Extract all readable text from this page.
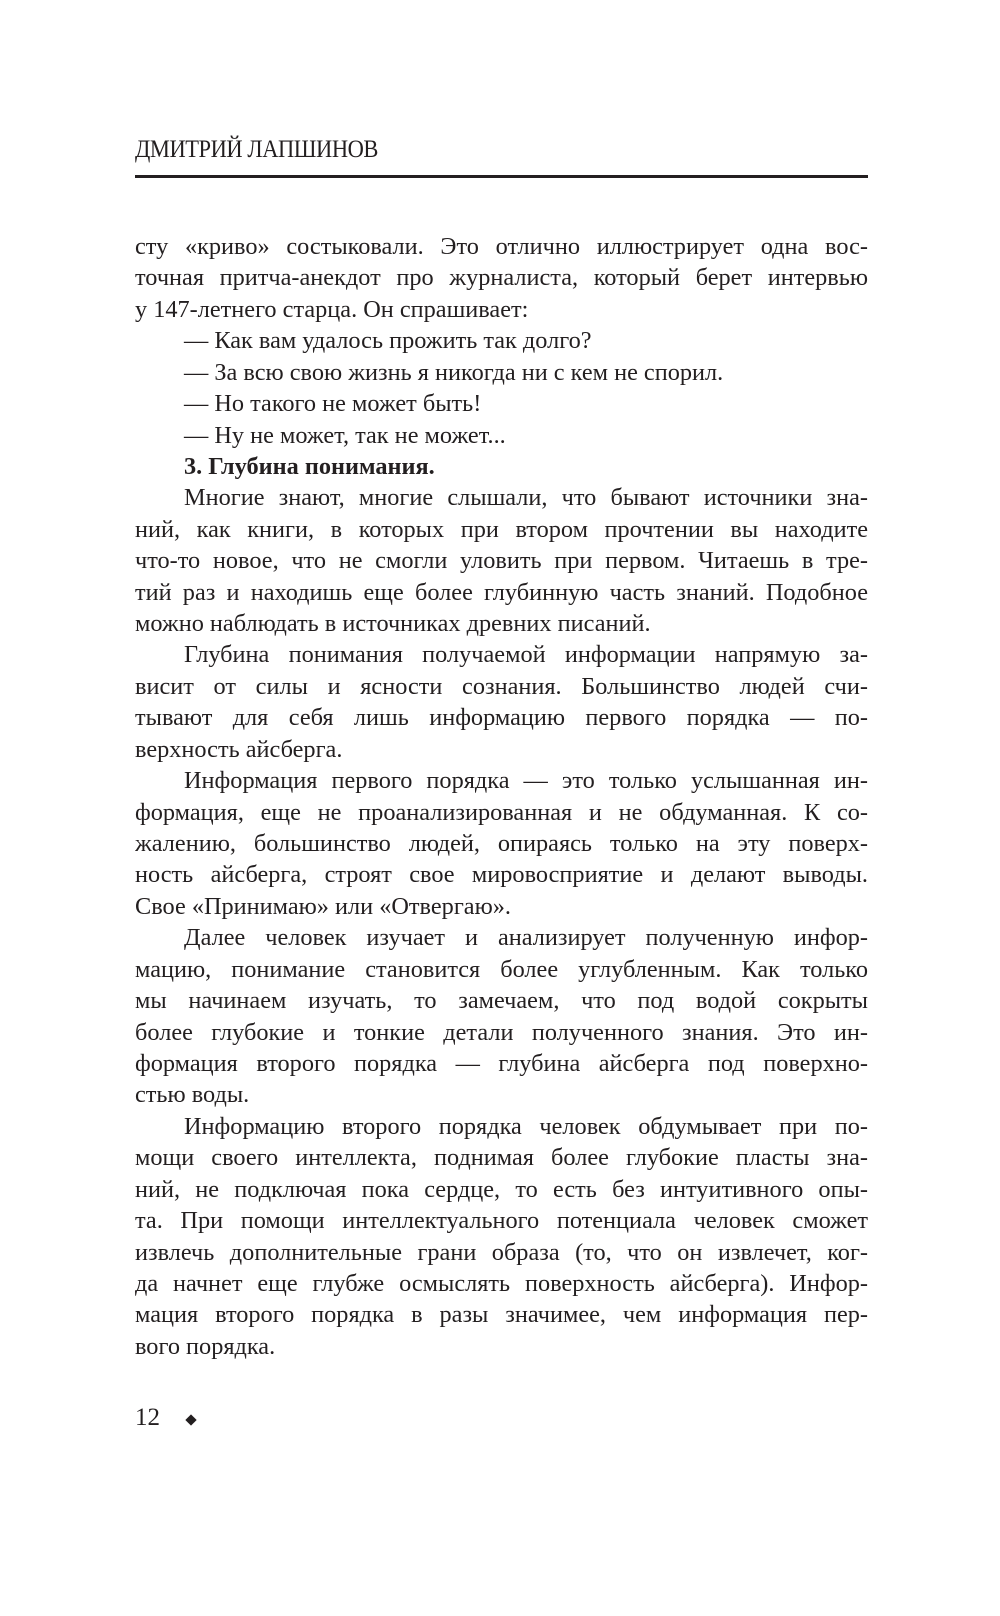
ДМИТРИЙ ЛАПШИНОВ
сту «криво» состыковали. Это отлично иллюстрирует одна вос-
точная притча-анекдот про журналиста, который берет интервью
у 147-летнего старца. Он спрашивает:
— Как вам удалось прожить так долго?
— За всю свою жизнь я никогда ни с кем не спорил.
— Но такого не может быть!
— Ну не может, так не может...
3. Глубина понимания.
Многие знают, многие слышали, что бывают источники зна-
ний, как книги, в которых при втором прочтении вы находите
что-то новое, что не смогли уловить при первом. Читаешь в тре-
тий раз и находишь еще более глубинную часть знаний. Подобное
можно наблюдать в источниках древних писаний.
Глубина понимания получаемой информации напрямую за-
висит от силы и ясности сознания. Большинство людей счи-
тывают для себя лишь информацию первого порядка — по-
верхность айсберга.
Информация первого порядка — это только услышанная ин-
формация, еще не проанализированная и не обдуманная. К со-
жалению, большинство людей, опираясь только на эту поверх-
ность айсберга, строят свое мировосприятие и делают выводы.
Свое «Принимаю» или «Отвергаю».
Далее человек изучает и анализирует полученную инфор-
мацию, понимание становится более углубленным. Как только
мы начинаем изучать, то замечаем, что под водой сокрыты
более глубокие и тонкие детали полученного знания. Это ин-
формация второго порядка — глубина айсберга под поверхно-
стью воды.
Информацию второго порядка человек обдумывает при по-
мощи своего интеллекта, поднимая более глубокие пласты зна-
ний, не подключая пока сердце, то есть без интуитивного опы-
та. При помощи интеллектуального потенциала человек сможет
извлечь дополнительные грани образа (то, что он извлечет, ког-
да начнет еще глубже осмыслять поверхность айсберга). Инфор-
мация второго порядка в разы значимее, чем информация пер-
вого порядка.
12
